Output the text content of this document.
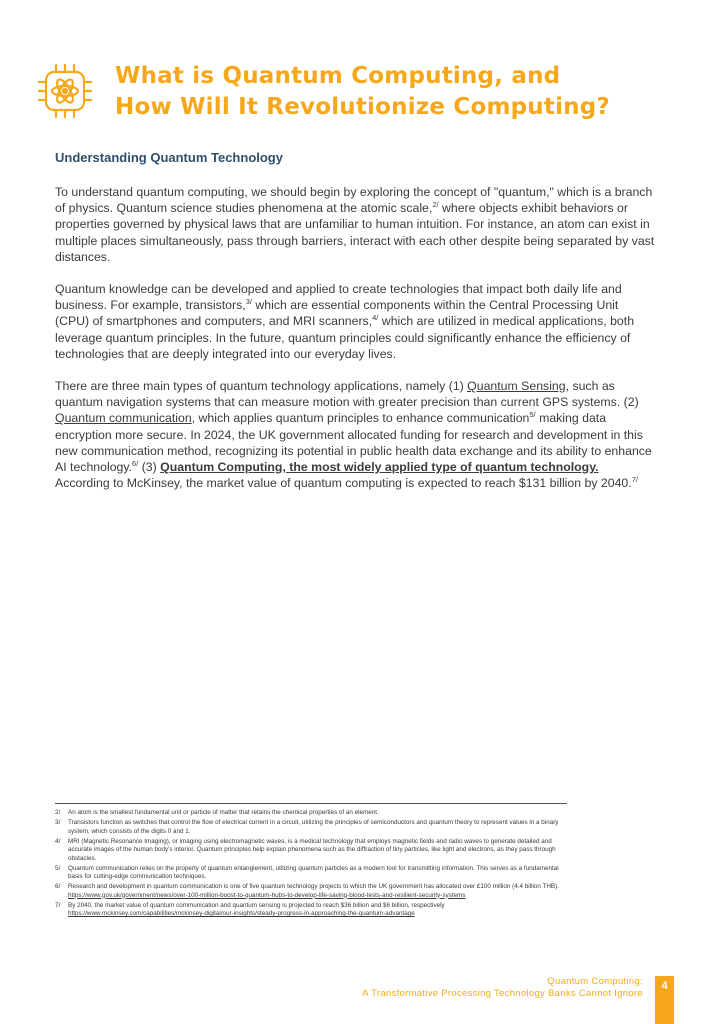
What is Quantum Computing, and
How Will It Revolutionize Computing?
Understanding Quantum Technology

To understand quantum computing, we should begin by exploring the concept of "quantum," which is a branch of physics. Quantum science studies phenomena at the atomic scale,$^{2/}$ where objects exhibit behaviors or properties governed by physical laws that are unfamiliar to human intuition. For instance, an atom can exist in multiple places simultaneously, pass through barriers, interact with each other despite being separated by vast distances.

Quantum knowledge can be developed and applied to create technologies that impact both daily life and business. For example, transistors,$^{3/}$ which are essential components within the Central Processing Unit (CPU) of smartphones and computers, and MRI scanners,$^{4/}$ which are utilized in medical applications, both leverage quantum principles. In the future, quantum principles could significantly enhance the efficiency of technologies that are deeply integrated into our everyday lives.

There are three main types of quantum technology applications, namely (1) Quantum Sensing, such as quantum navigation systems that can measure motion with greater precision than current GPS systems. (2) Quantum communication, which applies quantum principles to enhance communication$^{5/}$ making data encryption more secure. In 2024, the UK government allocated funding for research and development in this new communication method, recognizing its potential in public health data exchange and its ability to enhance AI technology.$^{6/}$ (3) Quantum Computing, the most widely applied type of quantum technology. According to McKinsey, the market value of quantum computing is expected to reach $131 billion by 2040.$^{7/}$

2/	An atom is the smallest fundamental unit or particle of matter that retains the chemical properties of an element.
3/	Transistors function as switches that control the flow of electrical current in a circuit, utilizing the principles of semiconductors and quantum theory to represent values in a binary system, which consists of the digits 0 and 1.
4/	MRI (Magnetic Resonance Imaging), or imaging using electromagnetic waves, is a medical technology that employs magnetic fields and radio waves to generate detailed and accurate images of the human body's interior. Quantum principles help explain phenomena such as the diffraction of tiny particles, like light and electrons, as they pass through obstacles.
5/	Quantum communication relies on the property of quantum entanglement, utilizing quantum particles as a modern tool for transmitting information. This serves as a fundamental basis for cutting-edge communication techniques.
6/	Research and development in quantum communication is one of five quantum technology projects to which the UK government has allocated over £100 million (4.4 billion THB). https://www.gov.uk/government/news/over-100-million-boost-to-quantum-hubs-to-develop-life-saving-blood-tests-and-resilient-security-systems
7/	By 2040, the market value of quantum communication and quantum sensing is projected to reach $36 billion and $6 billion, respectively
https://www.mckinsey.com/capabilities/mckinsey-digital/our-insights/steady-progress-in-approaching-the-quantum-advantage
Quantum Computing:
A Transformative Processing Technology Banks Cannot Ignore
4
